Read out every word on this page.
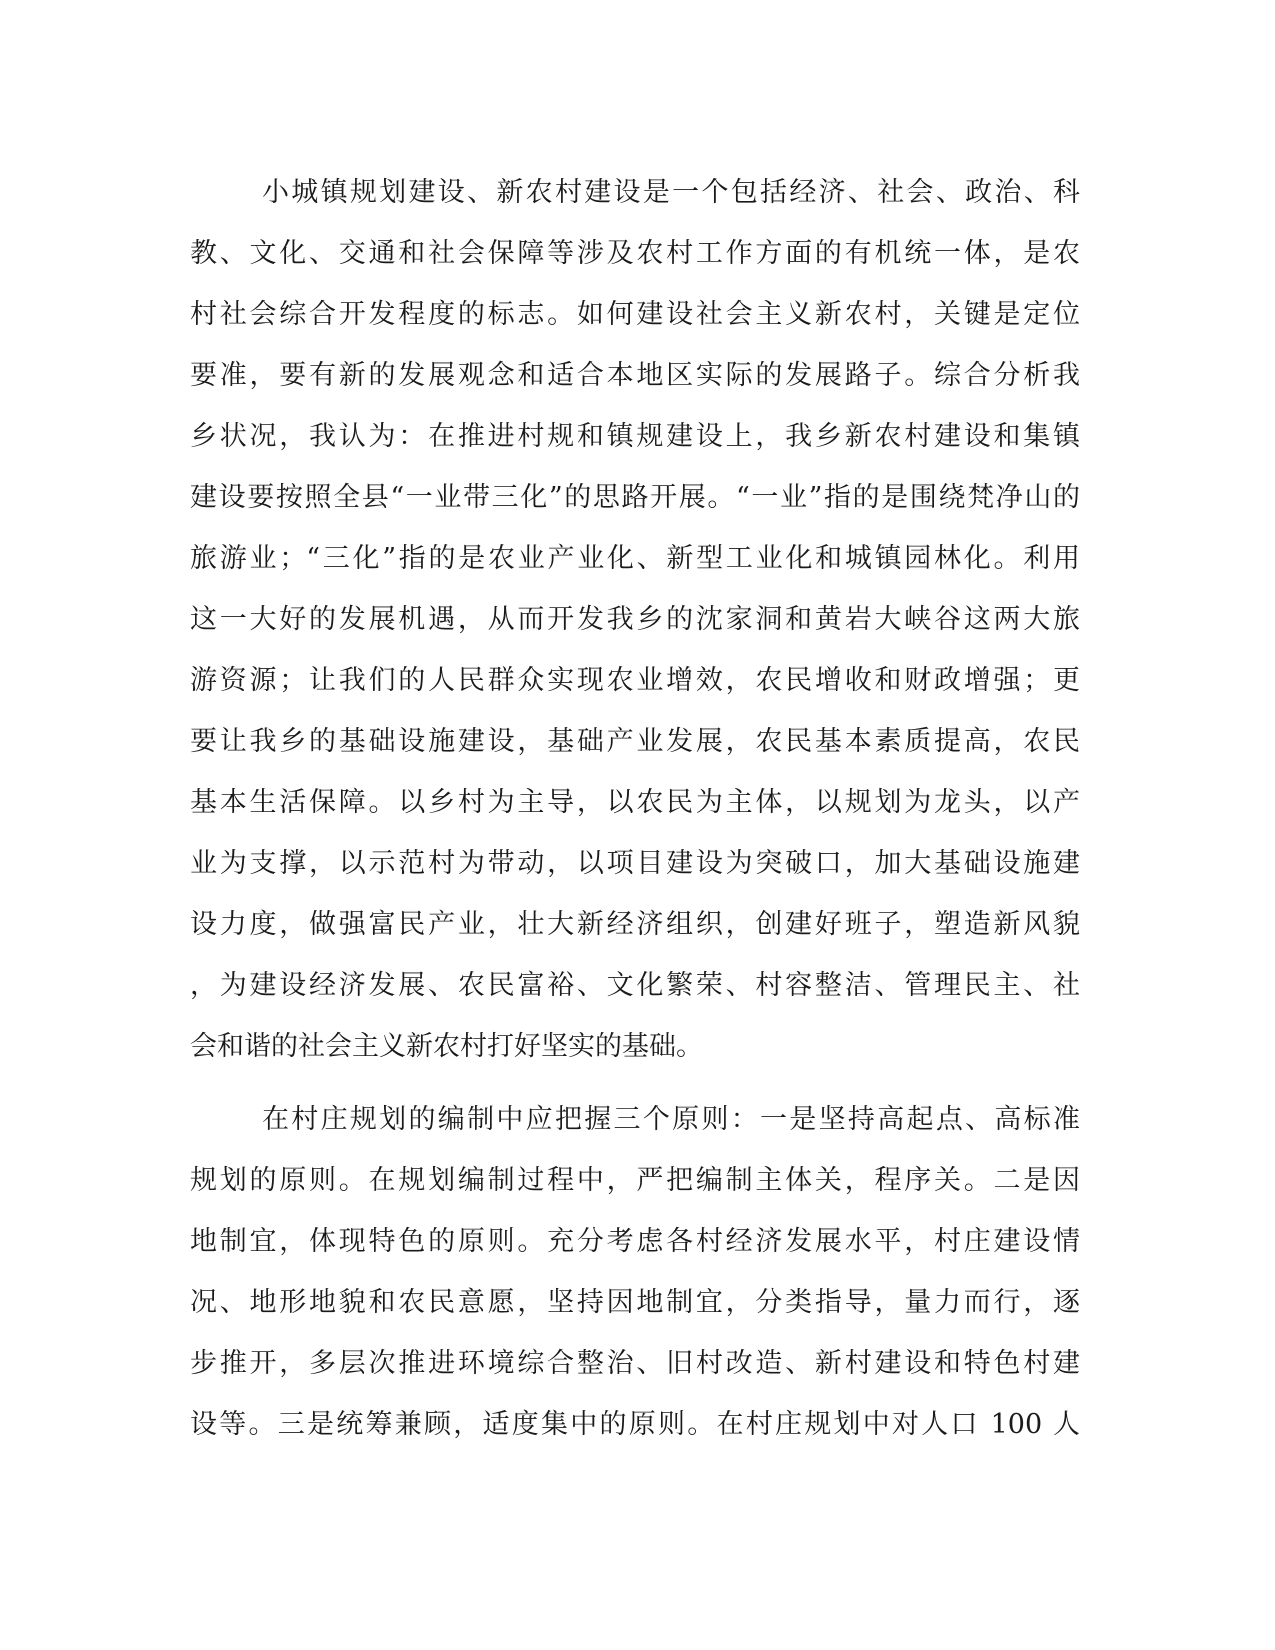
小城镇规划建设、新农村建设是一个包括经济、社会、政治、科
教、文化、交通和社会保障等涉及农村工作方面的有机统一体，是农
村社会综合开发程度的标志。如何建设社会主义新农村，关键是定位
要准，要有新的发展观念和适合本地区实际的发展路子。综合分析我
乡状况，我认为：在推进村规和镇规建设上，我乡新农村建设和集镇
建设要按照全县“一业带三化”的思路开展。“一业”指的是围绕梵净山的
旅游业；“三化”指的是农业产业化、新型工业化和城镇园林化。利用
这一大好的发展机遇，从而开发我乡的沈家洞和黄岩大峡谷这两大旅
游资源；让我们的人民群众实现农业增效，农民增收和财政增强；更
要让我乡的基础设施建设，基础产业发展，农民基本素质提高，农民
基本生活保障。以乡村为主导，以农民为主体，以规划为龙头，以产
业为支撑，以示范村为带动，以项目建设为突破口，加大基础设施建
设力度，做强富民产业，壮大新经济组织，创建好班子，塑造新风貌
，为建设经济发展、农民富裕、文化繁荣、村容整洁、管理民主、社
会和谐的社会主义新农村打好坚实的基础。
在村庄规划的编制中应把握三个原则：一是坚持高起点、高标准
规划的原则。在规划编制过程中，严把编制主体关，程序关。二是因
地制宜，体现特色的原则。充分考虑各村经济发展水平，村庄建设情
况、地形地貌和农民意愿，坚持因地制宜，分类指导，量力而行，逐
步推开，多层次推进环境综合整治、旧村改造、新村建设和特色村建
设等。三是统筹兼顾，适度集中的原则。在村庄规划中对人口 100 人
